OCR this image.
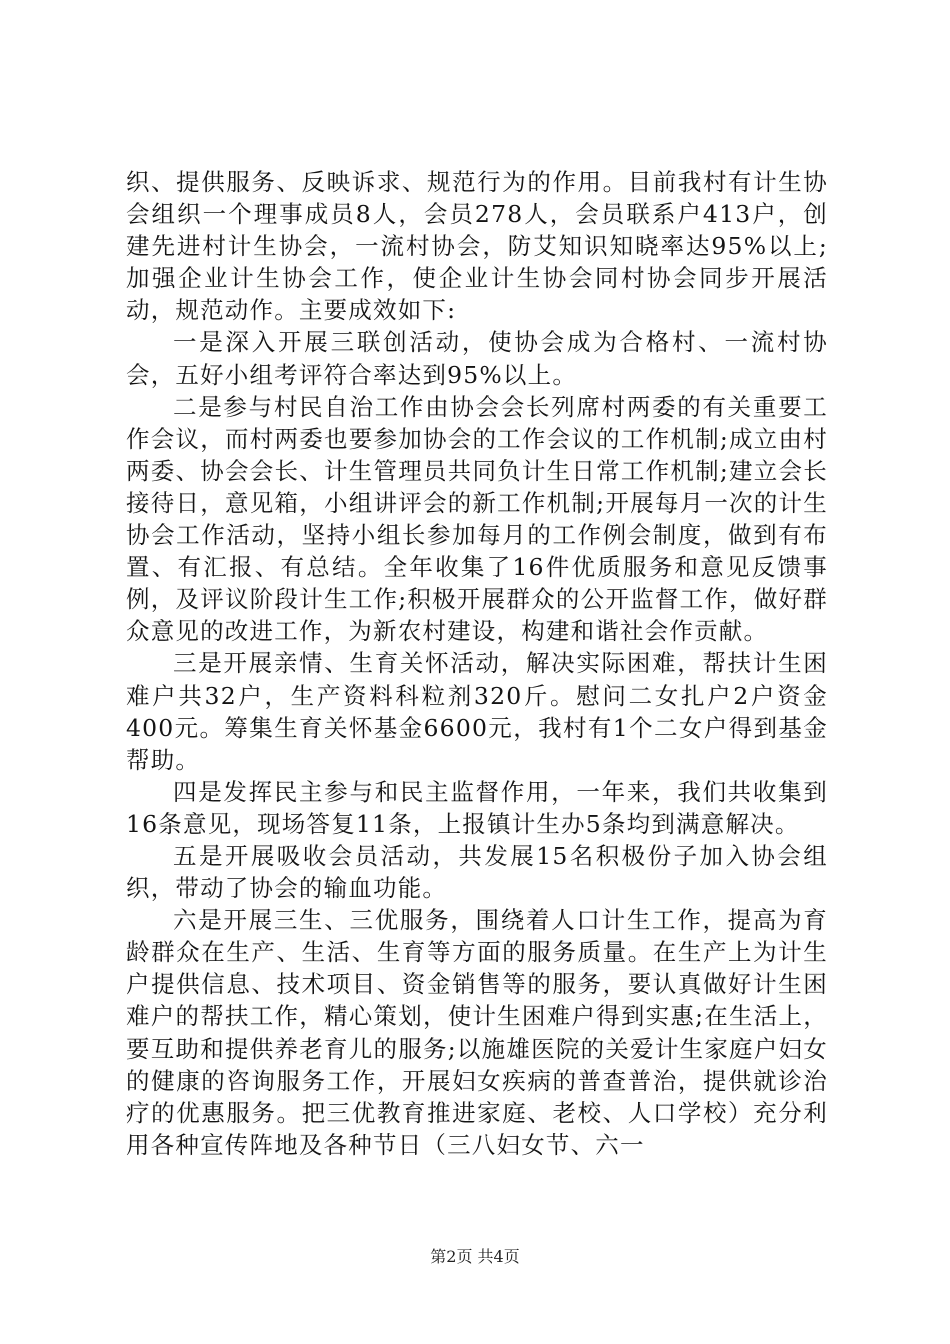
织、提供服务、反映诉求、规范行为的作用。目前我村有计生协会组织一个理事成员8人，会员278人，会员联系户413户，创建先进村计生协会，一流村协会，防艾知识知晓率达95%以上;加强企业计生协会工作，使企业计生协会同村协会同步开展活动，规范动作。主要成效如下:

一是深入开展三联创活动，使协会成为合格村、一流村协会，五好小组考评符合率达到95%以上。

二是参与村民自治工作由协会会长列席村两委的有关重要工作会议，而村两委也要参加协会的工作会议的工作机制;成立由村两委、协会会长、计生管理员共同负计生日常工作机制;建立会长接待日，意见箱，小组讲评会的新工作机制;开展每月一次的计生协会工作活动，坚持小组长参加每月的工作例会制度，做到有布置、有汇报、有总结。全年收集了16件优质服务和意见反馈事例，及评议阶段计生工作;积极开展群众的公开监督工作，做好群众意见的改进工作，为新农村建设，构建和谐社会作贡献。

三是开展亲情、生育关怀活动，解决实际困难，帮扶计生困难户共32户，生产资料科粒剂320斤。慰问二女扎户2户资金400元。筹集生育关怀基金6600元，我村有1个二女户得到基金帮助。

四是发挥民主参与和民主监督作用，一年来，我们共收集到16条意见，现场答复11条，上报镇计生办5条均到满意解决。

五是开展吸收会员活动，共发展15名积极份子加入协会组织，带动了协会的输血功能。

六是开展三生、三优服务，围绕着人口计生工作，提高为育龄群众在生产、生活、生育等方面的服务质量。在生产上为计生户提供信息、技术项目、资金销售等的服务，要认真做好计生困难户的帮扶工作，精心策划，使计生困难户得到实惠;在生活上，要互助和提供养老育儿的服务;以施雄医院的关爱计生家庭户妇女的健康的咨询服务工作，开展妇女疾病的普查普治，提供就诊治疗的优惠服务。把三优教育推进家庭、老校、人口学校）充分利用各种宣传阵地及各种节日（三八妇女节、六一

第2页 共4页
